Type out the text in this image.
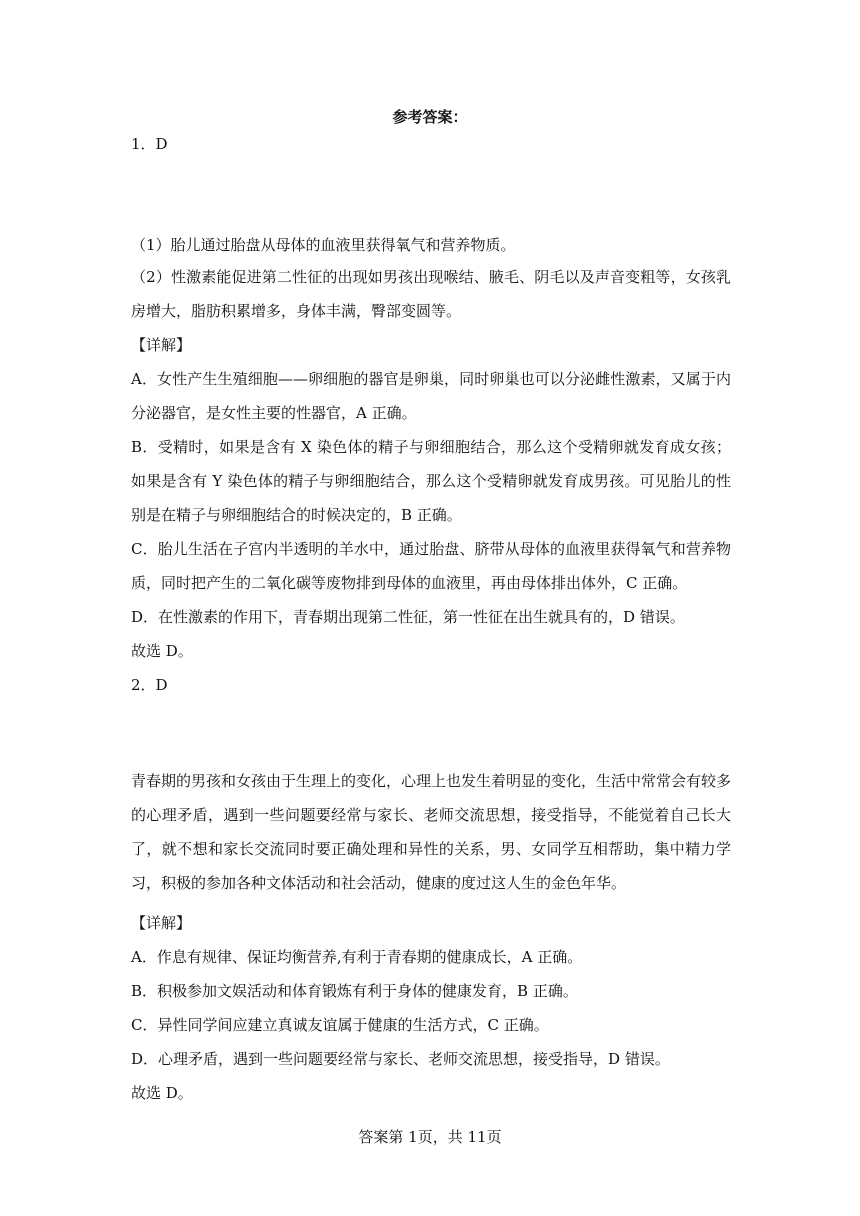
参考答案：
1．D
（1）胎儿通过胎盘从母体的血液里获得氧气和营养物质。
（2）性激素能促进第二性征的出现如男孩出现喉结、腋毛、阴毛以及声音变粗等，女孩乳房增大，脂肪积累增多，身体丰满，臀部变圆等。
【详解】
A．女性产生生殖细胞——卵细胞的器官是卵巢，同时卵巢也可以分泌雌性激素，又属于内分泌器官，是女性主要的性器官，A 正确。
B．受精时，如果是含有 X 染色体的精子与卵细胞结合，那么这个受精卵就发育成女孩；如果是含有 Y 染色体的精子与卵细胞结合，那么这个受精卵就发育成男孩。可见胎儿的性别是在精子与卵细胞结合的时候决定的，B 正确。
C．胎儿生活在子宫内半透明的羊水中，通过胎盘、脐带从母体的血液里获得氧气和营养物质，同时把产生的二氧化碳等废物排到母体的血液里，再由母体排出体外，C 正确。
D．在性激素的作用下，青春期出现第二性征，第一性征在出生就具有的，D 错误。
故选 D。
2．D
青春期的男孩和女孩由于生理上的变化，心理上也发生着明显的变化，生活中常常会有较多的心理矛盾，遇到一些问题要经常与家长、老师交流思想，接受指导，不能觉着自己长大了，就不想和家长交流同时要正确处理和异性的关系，男、女同学互相帮助，集中精力学习，积极的参加各种文体活动和社会活动，健康的度过这人生的金色年华。
【详解】
A．作息有规律、保证均衡营养,有利于青春期的健康成长，A 正确。
B．积极参加文娱活动和体育锻炼有利于身体的健康发育，B 正确。
C．异性同学间应建立真诚友谊属于健康的生活方式，C 正确。
D．心理矛盾，遇到一些问题要经常与家长、老师交流思想，接受指导，D 错误。
故选 D。
答案第 1页，共 11页
